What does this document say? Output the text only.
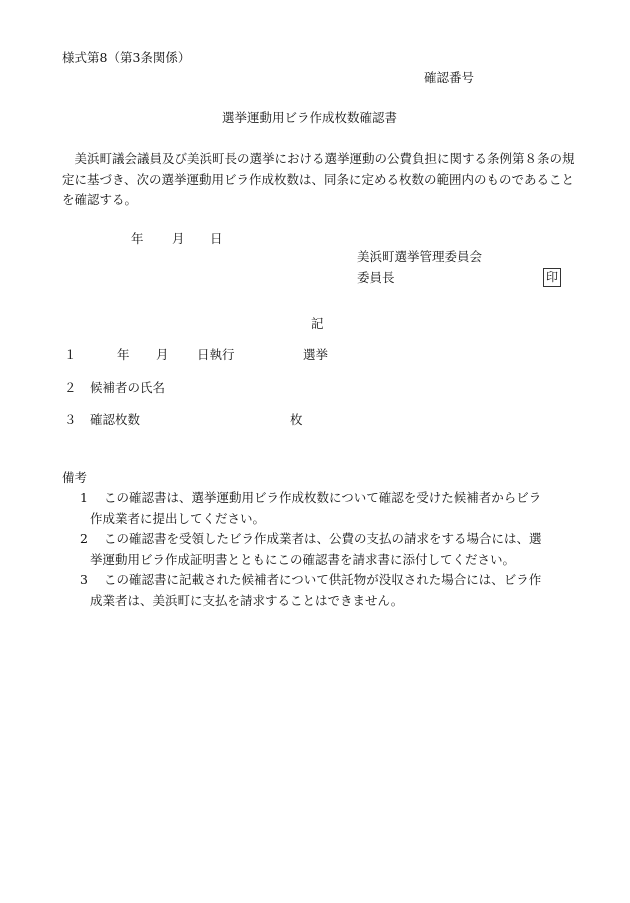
様式第8（第3条関係）
確認番号
選挙運動用ビラ作成枚数確認書
美浜町議会議員及び美浜町長の選挙における選挙運動の公費負担に関する条例第８条の規定に基づき、次の選挙運動用ビラ作成枚数は、同条に定める枚数の範囲内のものであることを確認する。
年 月 日
美浜町選挙管理委員会
委員長	印
記
１	年 月 日執行	選挙
２ 候補者の氏名
３ 確認枚数	枚
備考
1 この確認書は、選挙運動用ビラ作成枚数について確認を受けた候補者からビラ
作成業者に提出してください。
2 この確認書を受領したビラ作成業者は、公費の支払の請求をする場合には、選
挙運動用ビラ作成証明書とともにこの確認書を請求書に添付してください。
3 この確認書に記載された候補者について供託物が没収された場合には、ビラ作
成業者は、美浜町に支払を請求することはできません。
